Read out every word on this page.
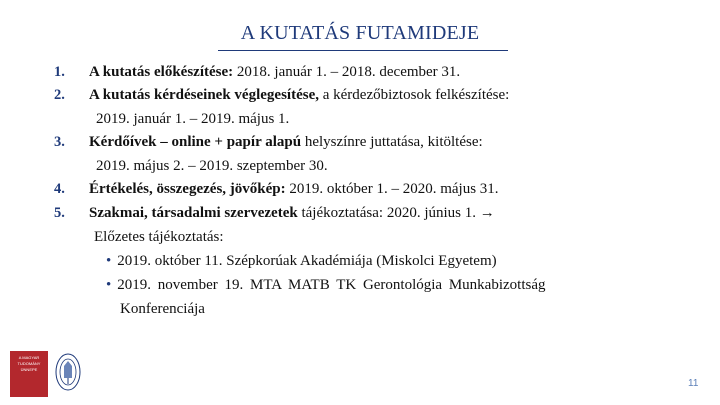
A KUTATÁS FUTAMIDEJE
1. A kutatás előkészítése: 2018. január 1. – 2018. december 31.
2. A kutatás kérdéseinek véglegesítése, a kérdezőbiztosok felkészítése:
2019. január 1. – 2019. május 1.
3. Kérdőívek – online + papír alapú helyszínre juttatása, kitöltése:
2019. május 2. – 2019. szeptember 30.
4. Értékelés, összegezés, jövőkép: 2019. október 1. – 2020. május 31.
5. Szakmai, társadalmi szervezetek tájékoztatása: 2020. június 1. →
Előzetes tájékoztatás:
• 2019. október 11. Szépkorúak Akadémiája (Miskolci Egyetem)
• 2019. november 19. MTA MATB TK Gerontológia Munkabizottság
Konferenciája
A MAGYAR TUDOMÁNY ÜNNEPE
11
